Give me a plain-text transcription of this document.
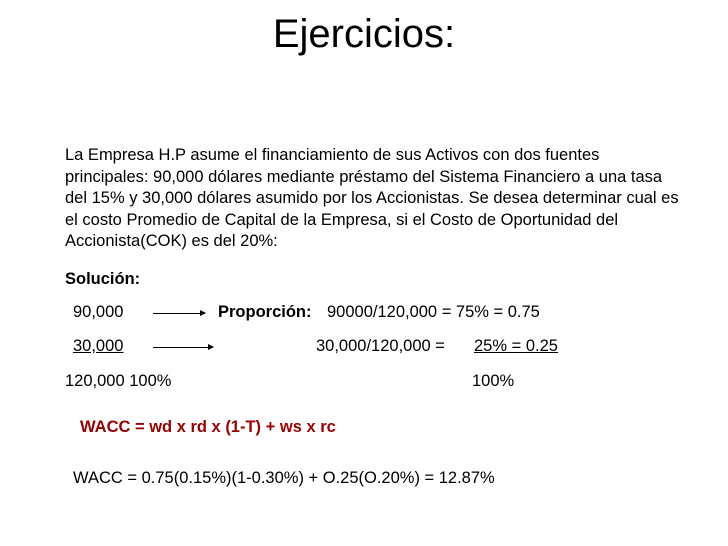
Ejercicios:

La Empresa H.P asume el financiamiento de sus Activos con dos fuentes principales: 90,000 dólares mediante préstamo del Sistema Financiero a una tasa del 15% y 30,000 dólares asumido por los Accionistas. Se desea determinar cual es el costo Promedio de Capital de la Empresa, si el Costo de Oportunidad del Accionista(COK) es del 20%:

Solución:
90,000	Proporción: 90000/120,000 = 75% = 0.75
30,000	30,000/120,000 = 25% = 0.25
120,000 100%	100%
WACC = wd x rd x (1-T) + ws x rc
WACC = 0.75(0.15%)(1-0.30%) + O.25(O.20%) = 12.87%
